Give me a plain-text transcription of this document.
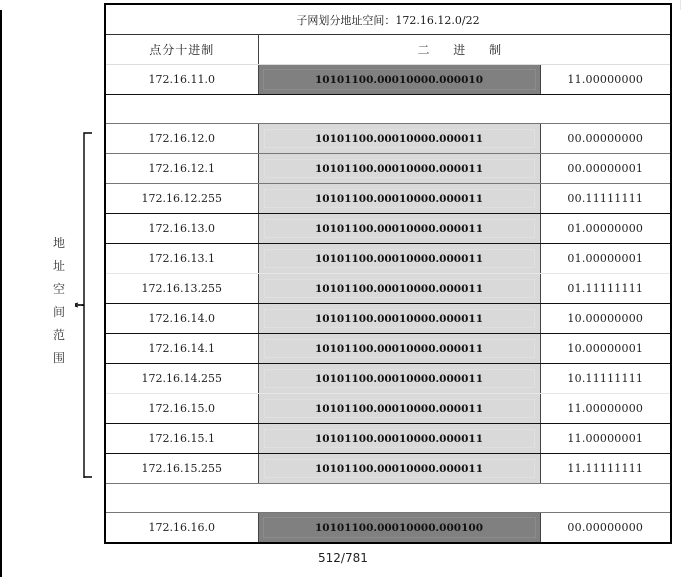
子网划分地址空间：172.16.12.0/22		
点分十进制	二 进 制	
172.16.11.0	10101100.00010000.000010	11.00000000

172.16.12.0	10101100.00010000.000011	00.00000000
172.16.12.1	10101100.00010000.000011	00.00000001
172.16.12.255	10101100.00010000.000011	00.11111111
172.16.13.0	10101100.00010000.000011	01.00000000
172.16.13.1	10101100.00010000.000011	01.00000001
172.16.13.255	10101100.00010000.000011	01.11111111
172.16.14.0	10101100.00010000.000011	10.00000000
172.16.14.1	10101100.00010000.000011	10.00000001
172.16.14.255	10101100.00010000.000011	10.11111111
172.16.15.0	10101100.00010000.000011	11.00000000
172.16.15.1	10101100.00010000.000011	11.00000001
172.16.15.255	10101100.00010000.000011	11.11111111

172.16.16.0	10101100.00010000.000100	00.00000000
地
址
空
间
范
围
512/781
